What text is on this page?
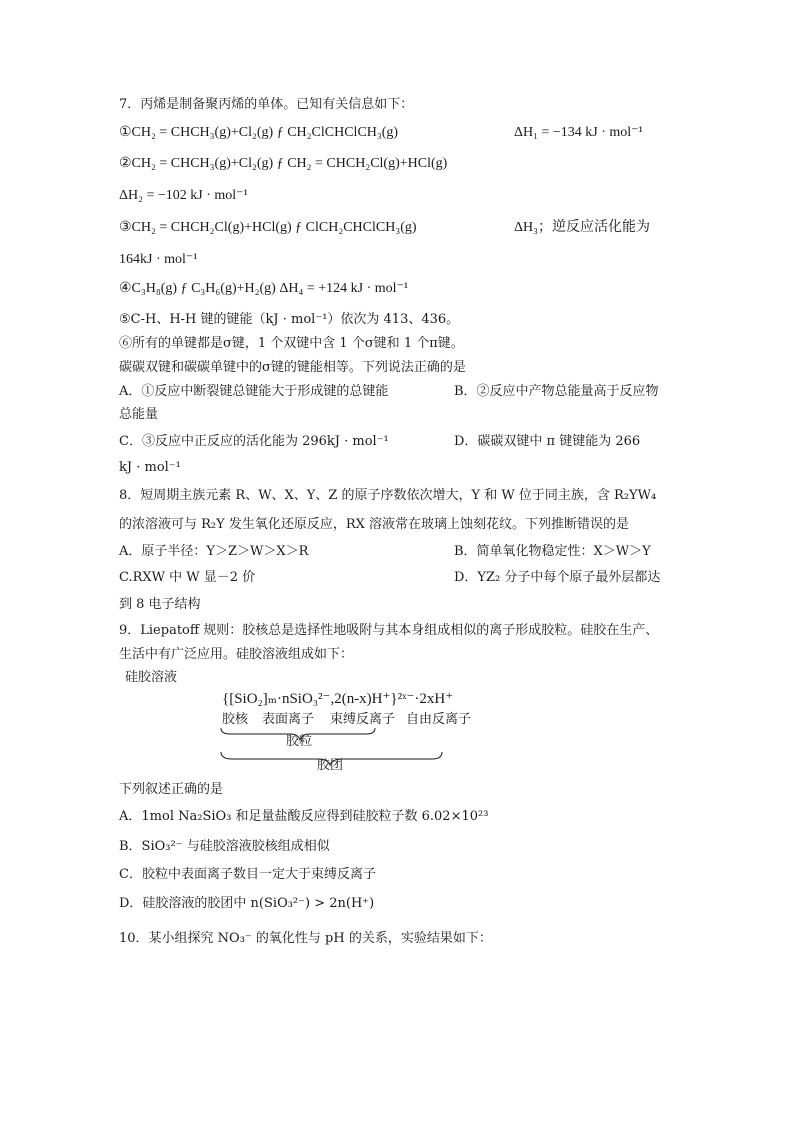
7．丙烯是制备聚丙烯的单体。已知有关信息如下：
①CH₂ = CHCH₃(g)+Cl₂(g) ƒ CH₂ClCHClCH₃(g)	ΔH₁ = −134 kJ · mol⁻¹
②CH₂ = CHCH₃(g)+Cl₂(g) ƒ CH₂ = CHCH₂Cl(g)+HCl(g)
ΔH₂ = −102 kJ · mol⁻¹
③CH₂ = CHCH₂Cl(g)+HCl(g) ƒ ClCH₂CHClCH₃(g)	ΔH₃；逆反应活化能为
164kJ · mol⁻¹
④C₃H₈(g) ƒ C₃H₆(g)+H₂(g) ΔH₄ = +124 kJ · mol⁻¹
⑤C-H、H-H 键的键能（kJ · mol⁻¹）依次为 413、436。
⑥所有的单键都是σ键，1 个双键中含 1 个σ键和 1 个π键。
碳碳双键和碳碳单键中的σ键的键能相等。下列说法正确的是
A．①反应中断裂键总键能大于形成键的总键能	B．②反应中产物总能量高于反应物
总能量
C．③反应中正反应的活化能为 296kJ · mol⁻¹	D．碳碳双键中 π 键键能为 266
kJ · mol⁻¹
8．短周期主族元素 R、W、X、Y、Z 的原子序数依次增大，Y 和 W 位于同主族，含 R₂YW₄
的浓溶液可与 R₂Y 发生氧化还原反应，RX 溶液常在玻璃上蚀刻花纹。下列推断错误的是
A．原子半径：Y＞Z＞W＞X＞R	B．简单氧化物稳定性：X＞W＞Y
C.RXW 中 W 显－2 价	D．YZ₂ 分子中每个原子最外层都达
到 8 电子结构
9．Liepatoff 规则：胶核总是选择性地吸附与其本身组成相似的离子形成胶粒。硅胶在生产、
生活中有广泛应用。硅胶溶液组成如下：
硅胶溶液
{[SiO₂]ₘ·nSiO₃²⁻,2(n-x)H⁺}²ˣ⁻·2xH⁺
胶核 表面离子 束缚反离子 自由反离子
胶粒
胶团
下列叙述正确的是
A．1mol Na₂SiO₃ 和足量盐酸反应得到硅胶粒子数 6.02×10²³
B．SiO₃²⁻ 与硅胶溶液胶核组成相似
C．胶粒中表面离子数目一定大于束缚反离子
D．硅胶溶液的胶团中 n(SiO₃²⁻) > 2n(H⁺)
10．某小组探究 NO₃⁻ 的氧化性与 pH 的关系，实验结果如下：
